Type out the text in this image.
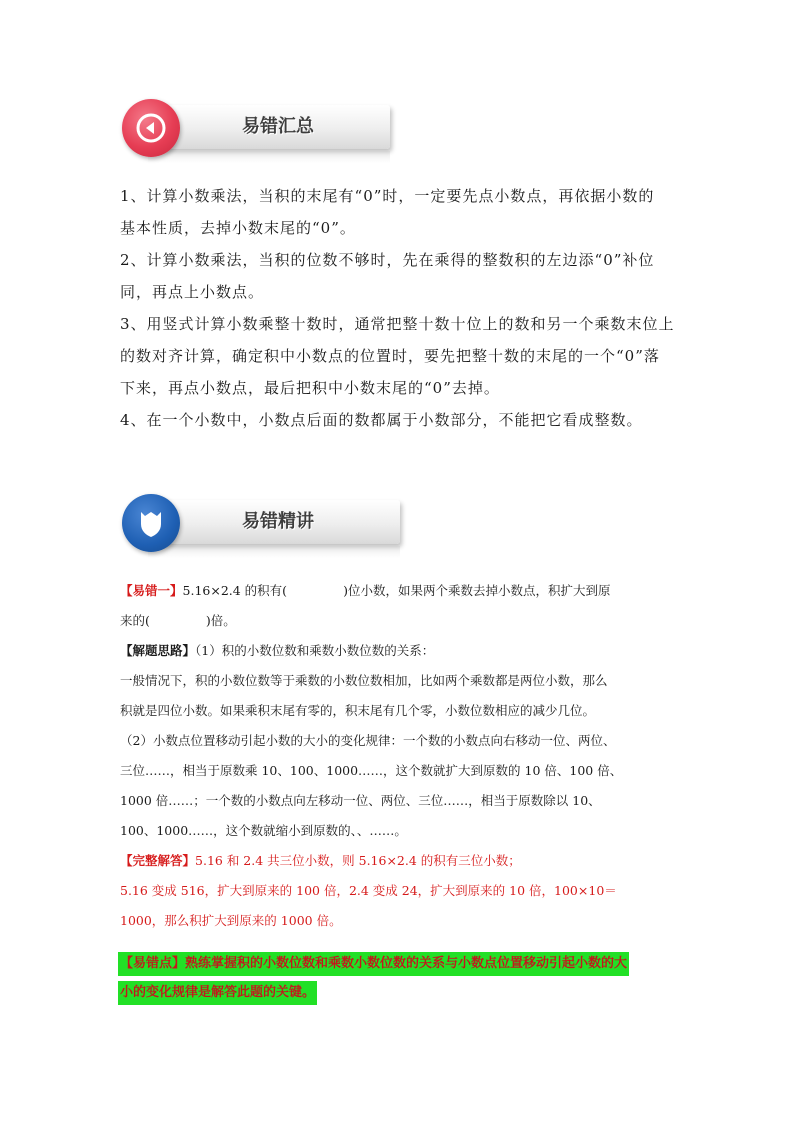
易错汇总
1、计算小数乘法，当积的末尾有“0”时，一定要先点小数点，再依据小数的
基本性质，去掉小数末尾的“0”。
2、计算小数乘法，当积的位数不够时，先在乘得的整数积的左边添“0”补位
同，再点上小数点。
3、用竖式计算小数乘整十数时，通常把整十数十位上的数和另一个乘数末位上
的数对齐计算，确定积中小数点的位置时，要先把整十数的末尾的一个“0”落
下来，再点小数点，最后把积中小数末尾的“0”去掉。
4、在一个小数中，小数点后面的数都属于小数部分，不能把它看成整数。
易错精讲
【易错一】5.16×2.4 的积有(	)位小数，如果两个乘数去掉小数点，积扩大到原
来的(	)倍。
【解题思路】（1）积的小数位数和乘数小数位数的关系：
一般情况下，积的小数位数等于乘数的小数位数相加，比如两个乘数都是两位小数，那么
积就是四位小数。如果乘积末尾有零的，积末尾有几个零，小数位数相应的减少几位。
（2）小数点位置移动引起小数的大小的变化规律：一个数的小数点向右移动一位、两位、
三位……，相当于原数乘 10、100、1000……，这个数就扩大到原数的 10 倍、100 倍、
1000 倍……；一个数的小数点向左移动一位、两位、三位……，相当于原数除以 10、
100、1000……，这个数就缩小到原数的、、……。
【完整解答】5.16 和 2.4 共三位小数，则 5.16×2.4 的积有三位小数；
5.16 变成 516，扩大到原来的 100 倍，2.4 变成 24，扩大到原来的 10 倍，100×10＝
1000，那么积扩大到原来的 1000 倍。
【易错点】熟练掌握积的小数位数和乘数小数位数的关系与小数点位置移动引起小数的大
小的变化规律是解答此题的关键。
